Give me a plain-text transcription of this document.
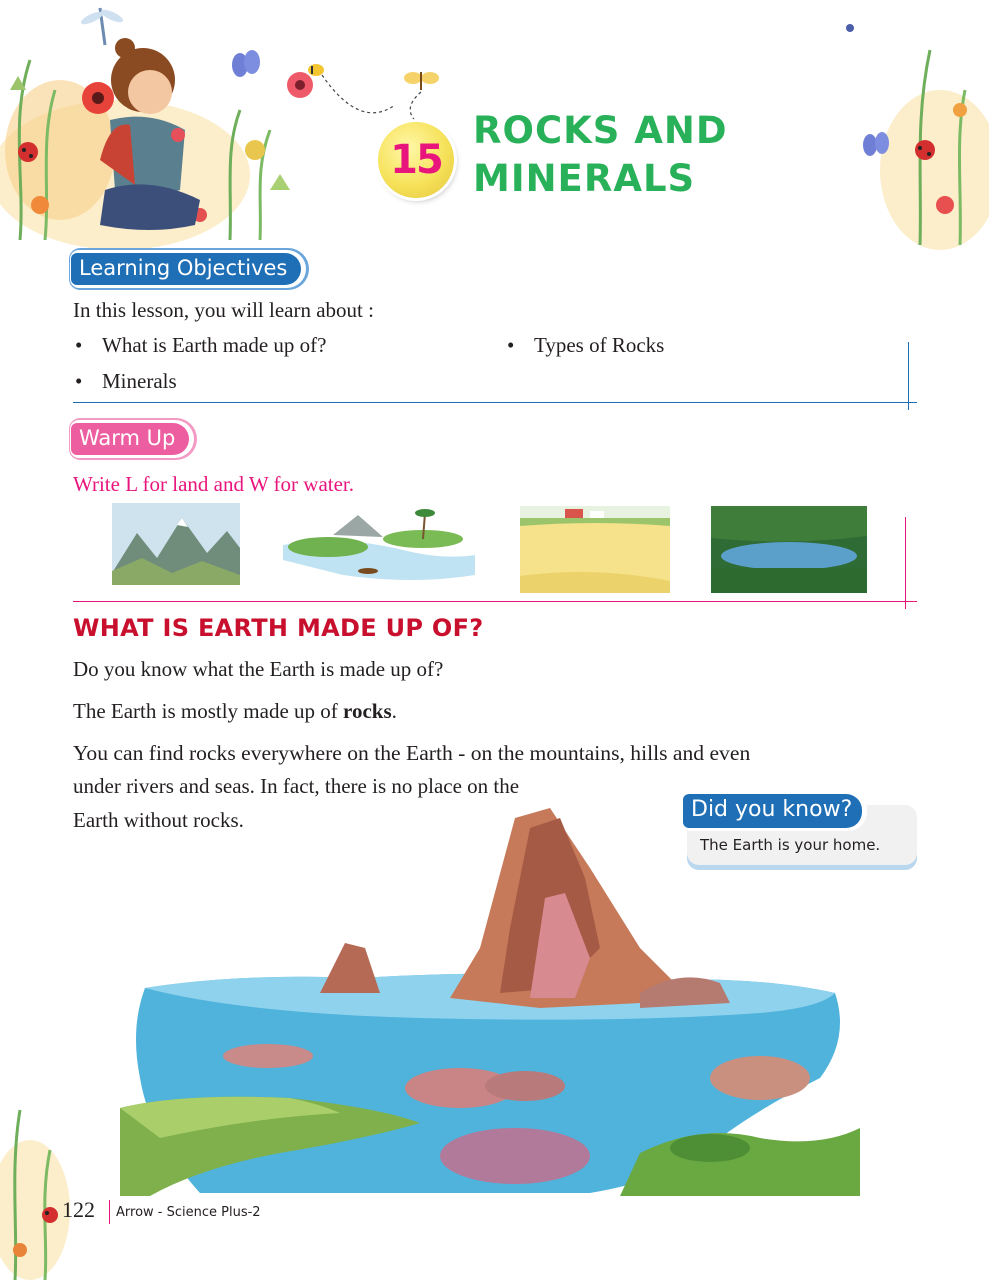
15
ROCKS AND
MINERALS
Learning Objectives
In this lesson, you will learn about :
• What is Earth made up of?
•	Types of Rocks
• Minerals
Warm Up
Write L for land and W for water.
WHAT IS EARTH MADE UP OF?
Do you know what the Earth is made up of?
The Earth is mostly made up of rocks.
You can find rocks everywhere on the Earth - on the mountains, hills and even
under rivers and seas. In fact, there is no place on the
Earth without rocks.	Did you know?
The Earth is your home.
122 Arrow - Science Plus-2
